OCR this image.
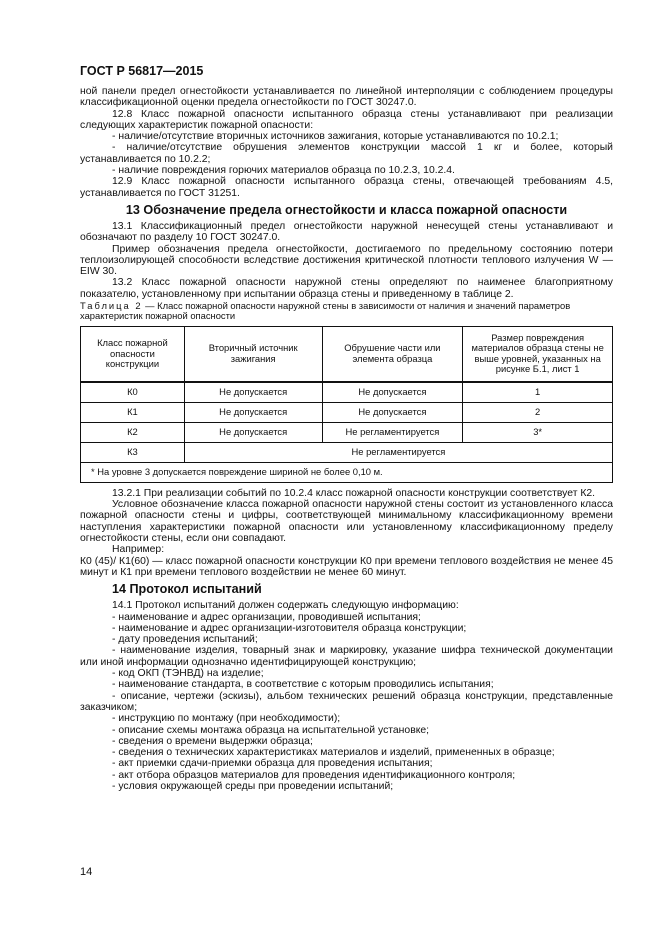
ГОСТ Р 56817—2015

ной панели предел огнестойкости устанавливается по линейной интерполяции с соблюдением процедуры классификационной оценки предела огнестойкости по ГОСТ 30247.0.

12.8 Класс пожарной опасности испытанного образца стены устанавливают при реализации следующих характеристик пожарной опасности:

- наличие/отсутствие вторичных источников зажигания, которые устанавливаются по 10.2.1;

- наличие/отсутствие обрушения элементов конструкции массой 1 кг и более, который устанавливается по 10.2.2;

- наличие повреждения горючих материалов образца по 10.2.3, 10.2.4.

12.9 Класс пожарной опасности испытанного образца стены, отвечающей требованиям 4.5, устанавливается по ГОСТ 31251.

13 Обозначение предела огнестойкости и класса пожарной опасности

13.1 Классификационный предел огнестойкости наружной ненесущей стены устанавливают и обозначают по разделу 10 ГОСТ 30247.0.

Пример обозначения предела огнестойкости, достигаемого по предельному состоянию потери теплоизолирующей способности вследствие достижения критической плотности теплового излучения W — EIW 30.

13.2 Класс пожарной опасности наружной стены определяют по наименее благоприятному показателю, установленному при испытании образца стены и приведенному в таблице 2.

Таблица 2 — Класс пожарной опасности наружной стены в зависимости от наличия и значений параметров характеристик пожарной опасности
Класс пожарной опасности конструкции	Вторичный источник зажигания	Обрушение части или элемента образца	Размер повреждения материалов образца стены не выше уровней, указанных на рисунке Б.1, лист 1
К0	Не допускается	Не допускается	1
К1	Не допускается	Не допускается	2
К2	Не допускается	Не регламентируется	3*
К3	Не регламентируется		
* На уровне 3 допускается повреждение шириной не более 0,10 м.			

13.2.1 При реализации событий по 10.2.4 класс пожарной опасности конструкции соответствует К2.

Условное обозначение класса пожарной опасности наружной стены состоит из установленного класса пожарной опасности стены и цифры, соответствующей минимальному классификационному времени наступления характеристики пожарной опасности или установленному классификационному пределу огнестойкости стены, если они совпадают.

Например:

К0 (45)/ К1(60) — класс пожарной опасности конструкции К0 при времени теплового воздействия не менее 45 минут и К1 при времени теплового воздействии не менее 60 минут.

14 Протокол испытаний

14.1 Протокол испытаний должен содержать следующую информацию:

- наименование и адрес организации, проводившей испытания;

- наименование и адрес организации-изготовителя образца конструкции;

- дату проведения испытаний;

- наименование изделия, товарный знак и маркировку, указание шифра технической документации или иной информации однозначно идентифицирующей конструкцию;

- код ОКП (ТЭНВД) на изделие;

- наименование стандарта, в соответствие с которым проводились испытания;

- описание, чертежи (эскизы), альбом технических решений образца конструкции, представленные заказчиком;

- инструкцию по монтажу (при необходимости);

- описание схемы монтажа образца на испытательной установке;

- сведения о времени выдержки образца;

- сведения о технических характеристиках материалов и изделий, примененных в образце;

- акт приемки сдачи-приемки образца для проведения испытания;

- акт отбора образцов материалов для проведения идентификационного контроля;

- условия окружающей среды при проведении испытаний;

14
